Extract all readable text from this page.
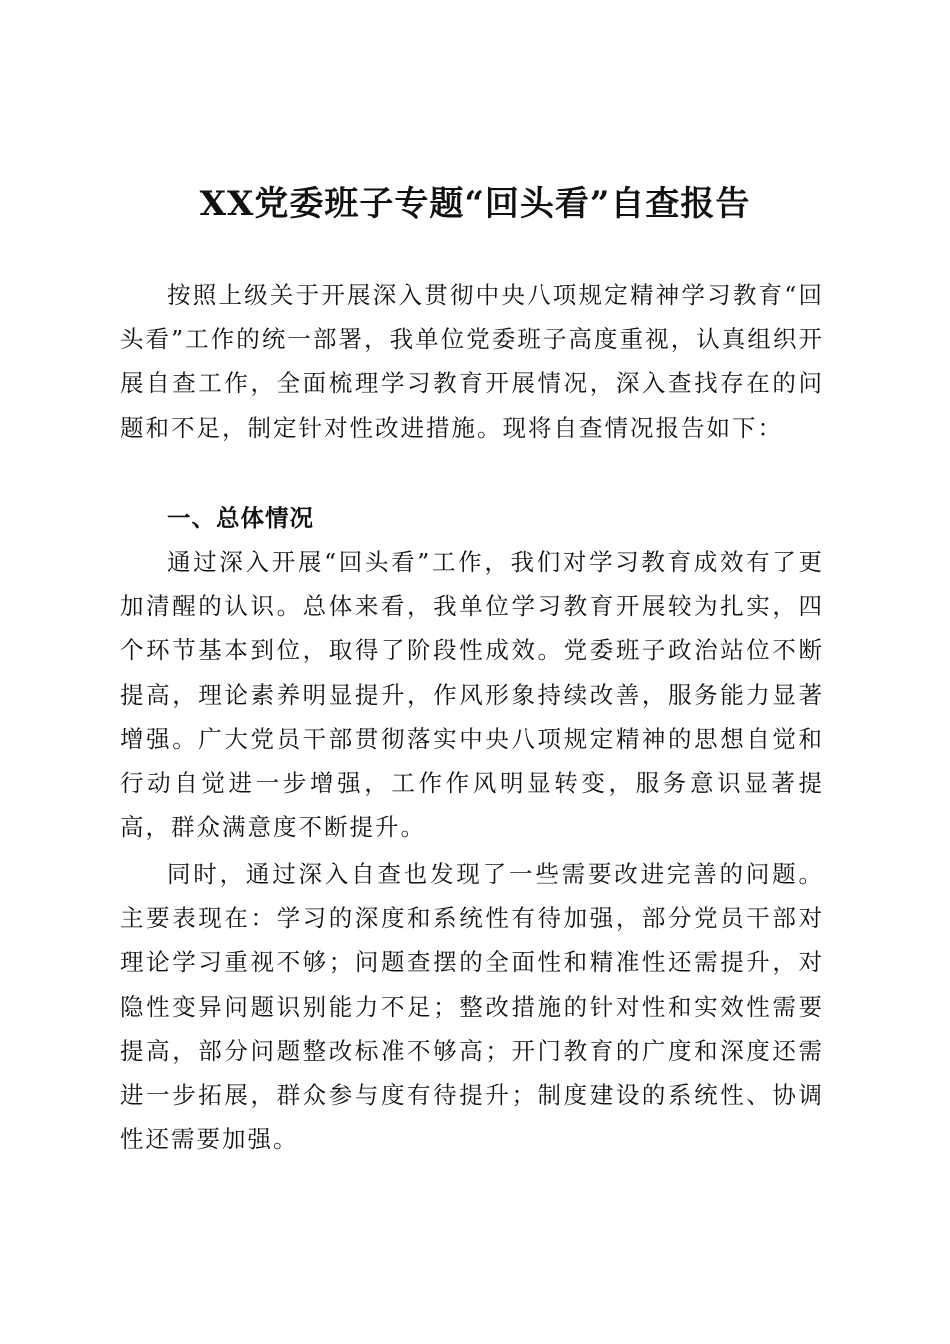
XX党委班子专题“回头看”自查报告

按照上级关于开展深入贯彻中央八项规定精神学习教育“回头看”工作的统一部署，我单位党委班子高度重视，认真组织开展自查工作，全面梳理学习教育开展情况，深入查找存在的问题和不足，制定针对性改进措施。现将自查情况报告如下：

一、总体情况

通过深入开展“回头看”工作，我们对学习教育成效有了更加清醒的认识。总体来看，我单位学习教育开展较为扎实，四个环节基本到位，取得了阶段性成效。党委班子政治站位不断提高，理论素养明显提升，作风形象持续改善，服务能力显著增强。广大党员干部贯彻落实中央八项规定精神的思想自觉和行动自觉进一步增强，工作作风明显转变，服务意识显著提高，群众满意度不断提升。

同时，通过深入自查也发现了一些需要改进完善的问题。主要表现在：学习的深度和系统性有待加强，部分党员干部对理论学习重视不够；问题查摆的全面性和精准性还需提升，对隐性变异问题识别能力不足；整改措施的针对性和实效性需要提高，部分问题整改标准不够高；开门教育的广度和深度还需进一步拓展，群众参与度有待提升；制度建设的系统性、协调性还需要加强。
